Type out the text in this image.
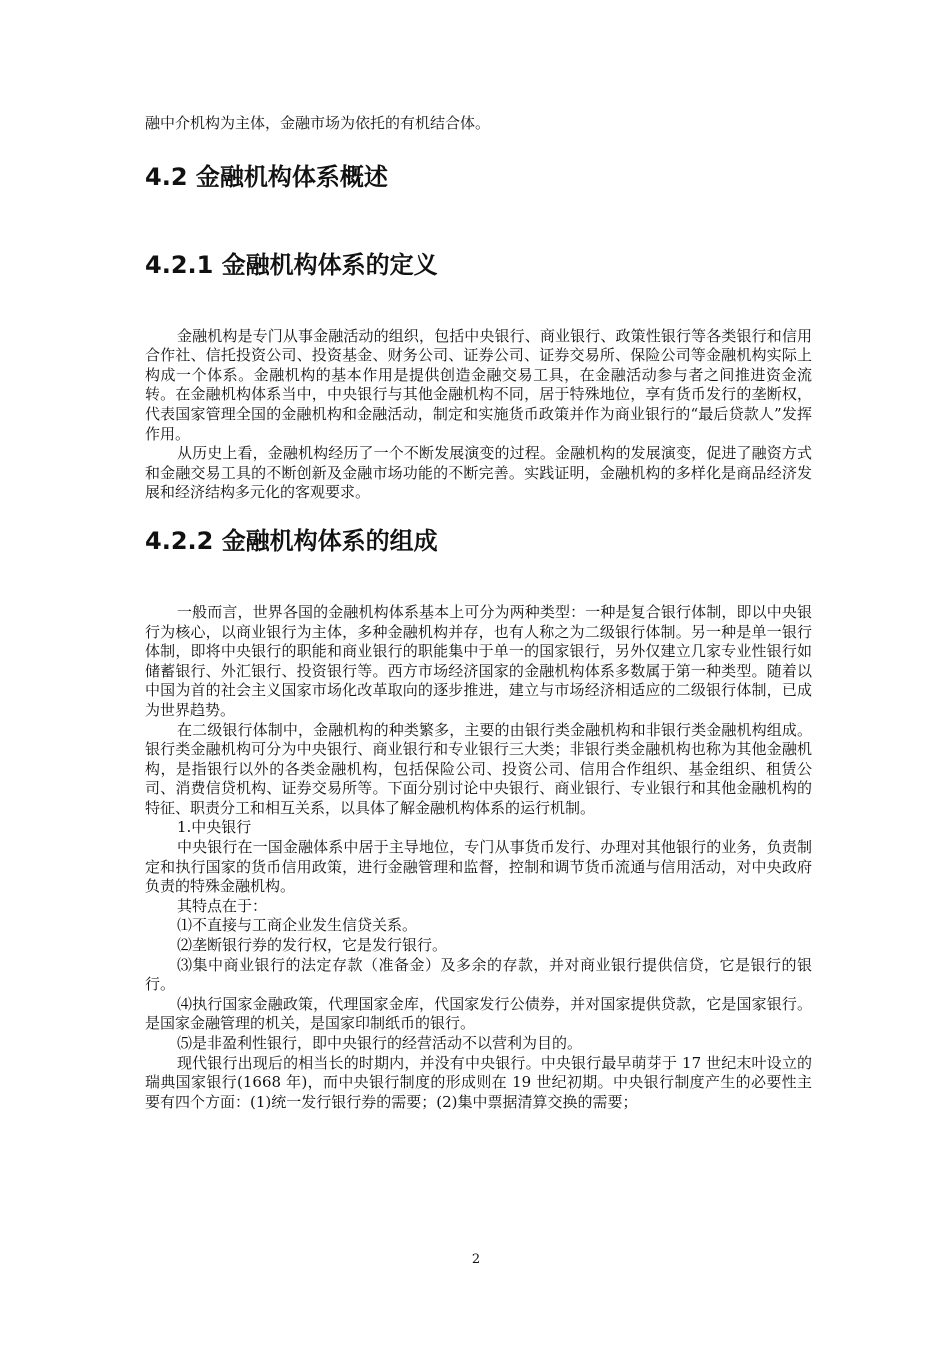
融中介机构为主体，金融市场为依托的有机结合体。

4.2 金融机构体系概述
4.2.1 金融机构体系的定义

金融机构是专门从事金融活动的组织，包括中央银行、商业银行、政策性银行等各类银行和信用合作社、信托投资公司、投资基金、财务公司、证券公司、证券交易所、保险公司等金融机构实际上构成一个体系。金融机构的基本作用是提供创造金融交易工具，在金融活动参与者之间推进资金流转。在金融机构体系当中，中央银行与其他金融机构不同，居于特殊地位，享有货币发行的垄断权，代表国家管理全国的金融机构和金融活动，制定和实施货币政策并作为商业银行的“最后贷款人”发挥作用。

从历史上看，金融机构经历了一个不断发展演变的过程。金融机构的发展演变，促进了融资方式和金融交易工具的不断创新及金融市场功能的不断完善。实践证明，金融机构的多样化是商品经济发展和经济结构多元化的客观要求。

4.2.2 金融机构体系的组成

一般而言，世界各国的金融机构体系基本上可分为两种类型：一种是复合银行体制，即以中央银行为核心，以商业银行为主体，多种金融机构并存，也有人称之为二级银行体制。另一种是单一银行体制，即将中央银行的职能和商业银行的职能集中于单一的国家银行，另外仅建立几家专业性银行如储蓄银行、外汇银行、投资银行等。西方市场经济国家的金融机构体系多数属于第一种类型。随着以中国为首的社会主义国家市场化改革取向的逐步推进，建立与市场经济相适应的二级银行体制，已成为世界趋势。

在二级银行体制中，金融机构的种类繁多，主要的由银行类金融机构和非银行类金融机构组成。银行类金融机构可分为中央银行、商业银行和专业银行三大类；非银行类金融机构也称为其他金融机构，是指银行以外的各类金融机构，包括保险公司、投资公司、信用合作组织、基金组织、租赁公司、消费信贷机构、证券交易所等。下面分别讨论中央银行、商业银行、专业银行和其他金融机构的特征、职责分工和相互关系，以具体了解金融机构体系的运行机制。

1.中央银行

中央银行在一国金融体系中居于主导地位，专门从事货币发行、办理对其他银行的业务，负责制定和执行国家的货币信用政策，进行金融管理和监督，控制和调节货币流通与信用活动，对中央政府负责的特殊金融机构。

其特点在于：

⑴不直接与工商企业发生信贷关系。

⑵垄断银行券的发行权，它是发行银行。

⑶集中商业银行的法定存款（准备金）及多余的存款，并对商业银行提供信贷，它是银行的银行。

⑷执行国家金融政策，代理国家金库，代国家发行公债券，并对国家提供贷款，它是国家银行。是国家金融管理的机关，是国家印制纸币的银行。

⑸是非盈利性银行，即中央银行的经营活动不以营利为目的。

现代银行出现后的相当长的时期内，并没有中央银行。中央银行最早萌芽于 17 世纪末叶设立的瑞典国家银行(1668 年)，而中央银行制度的形成则在 19 世纪初期。中央银行制度产生的必要性主要有四个方面：(1)统一发行银行券的需要；(2)集中票据清算交换的需要；

2
